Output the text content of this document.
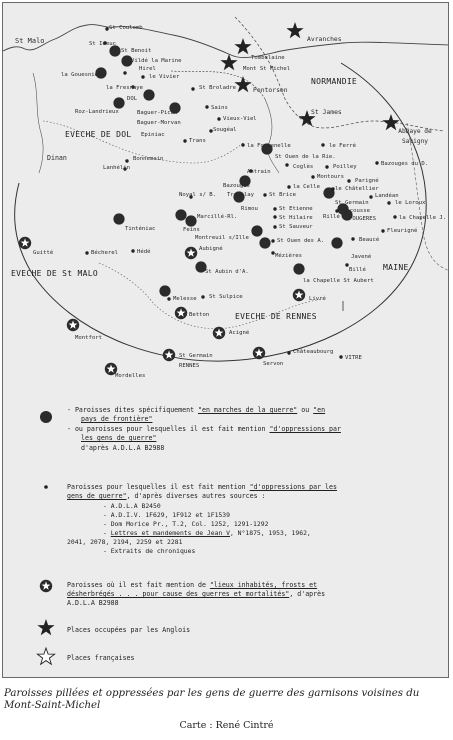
NORMANDIE
MAINE
EVECHE DE DOL
EVECHE DE St MALO
EVECHE DE RENNES
St Malo
St Coulomb
St Ideuc
St Benoit
Vildé la Marine
Hirel
la Gouesnière	le Vivier
la Fresnaye	St Broladre
DOL
Roz-Landrieux	Baguer-Pican
Baguer-Morvan
Epiniac
Sains
Vieux-Viel
Sougéal
Trans
Tombelaine
Mont St Michel
Avranches
Pontorson
St James
Abbaye de Savigny
Dinan
Lanhélin
Bonnemain
la Fontenelle	le Ferré
St Ouen de la Rie.
Coglès	Poilley
Antrain
Montours
Parigné
Bazouges du D.
Bazouges	la Celle	le Châtellier
Landéan
Noyal s/ B. Tremblay	St Brice
St Germain	le Loroux
Rimou	St Etienne	Lécousse
Marcillé-Rl.	St Hilaire Rillé FOUGERES	la Chapelle J.
Tinténiac	Feins	St Sauveur
Fleurigné
Montreuil s/Ille	St Ouen des A.	Beaucé
Guitté	Bécherel	Hédé	Aubigné
Mézières	Javené
Billé
la Chapelle St Aubert
St Aubin d'A.
Melesse St Sulpice	Livré
Betton
Montfort
Acigné
St Germain
RENNES	Servon
Châteaubourg
VITRE
Mordelles
- Paroisses dites spécifiquement "en marches de la guerre" ou "en
pays de frontière"
- ou paroisses pour lesquelles il est fait mention "d'oppressions par
les gens de guerre"
d'après A.D.L.A B2988
Paroisses pour lesquelles il est fait mention "d'oppressions par les
gens de guerre", d'après diverses autres sources :
- A.D.L.A B2450
- A.D.I.V. 1F629, 1F912 et 1F1539
- Dom Morice Pr., T.2, Col. 1252, 1291-1292
- Lettres et mandements de Jean V, N°1875, 1953, 1962,
2041, 2078, 2194, 2259 et 2281
- Extraits de chroniques
Paroisses où il est fait mention de "lieux inhabités, frosts et
désherbrégés . . . pour cause des guerres et mortalités", d'après
A.D.L.A B2988
Places occupées par les Anglois
Places françaises
Paroisses pillées et oppressées par les gens de guerre des garnisons voisines du Mont-Saint-Michel
Carte : René Cintré
